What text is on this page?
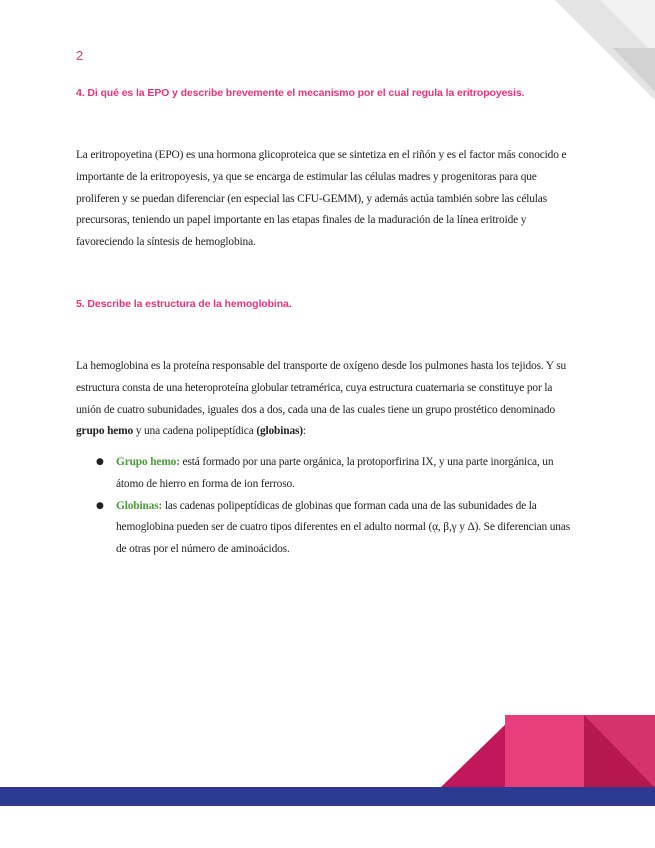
2
4. Di qué es la EPO y describe brevemente el mecanismo por el cual regula la eritropoyesis.
La eritropoyetina (EPO) es una hormona glicoproteica que se sintetiza en el riñón y es el factor más conocido e importante de la eritropoyesis, ya que se encarga de estimular las células madres y progenitoras para que proliferen y se puedan diferenciar (en especial las CFU-GEMM), y además actúa también sobre las células precursoras, teniendo un papel importante en las etapas finales de la maduración de la línea eritroide y favoreciendo la síntesis de hemoglobina.
5. Describe la estructura de la hemoglobina.
La hemoglobina es la proteína responsable del transporte de oxígeno desde los pulmones hasta los tejidos. Y su estructura consta de una heteroproteína globular tetramérica, cuya estructura cuaternaria se constituye por la unión de cuatro subunidades, iguales dos a dos, cada una de las cuales tiene un grupo prostético denominado grupo hemo y una cadena polipeptídica (globinas):
● Grupo hemo: está formado por una parte orgánica, la protoporfirina IX, y una parte inorgánica, un átomo de hierro en forma de ion ferroso.
● Globinas: las cadenas polipeptídicas de globinas que forman cada una de las subunidades de la hemoglobina pueden ser de cuatro tipos diferentes en el adulto normal (ᾳ, β,γ y Δ). Se diferencian unas de otras por el número de aminoácidos.
